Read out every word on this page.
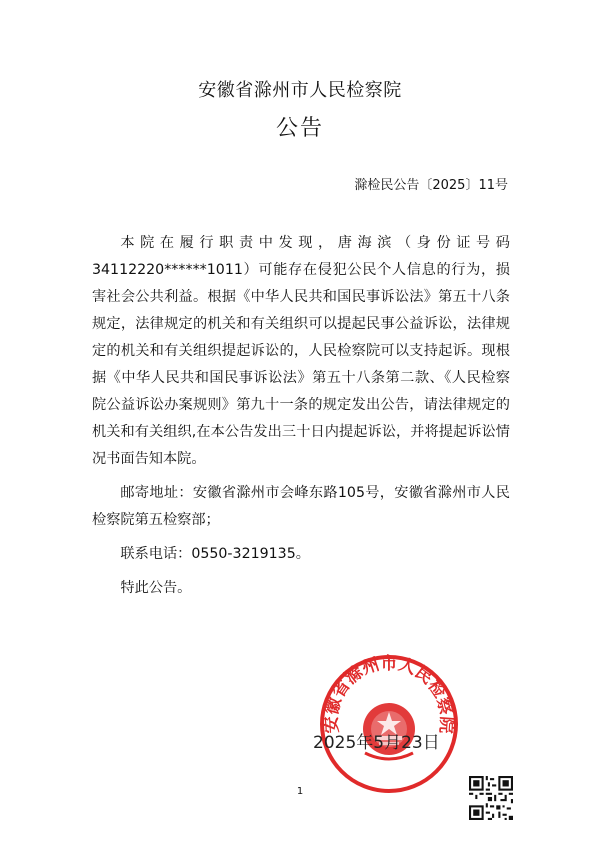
安徽省滁州市人民检察院
公告
滁检民公告〔2025〕11号

本院在履行职责中发现，唐海滨（身份证号码34112220******1011）可能存在侵犯公民个人信息的行为，损害社会公共利益。根据《中华人民共和国民事诉讼法》第五十八条规定，法律规定的机关和有关组织可以提起民事公益诉讼，法律规定的机关和有关组织提起诉讼的，人民检察院可以支持起诉。现根据《中华人民共和国民事诉讼法》第五十八条第二款、《人民检察院公益诉讼办案规则》第九十一条的规定发出公告，请法律规定的机关和有关组织,在本公告发出三十日内提起诉讼，并将提起诉讼情况书面告知本院。

邮寄地址：安徽省滁州市会峰东路105号，安徽省滁州市人民检察院第五检察部；

联系电话：0550-3219135。

特此公告。

安徽省滁州市人民检察院
2025年5月23日
1
